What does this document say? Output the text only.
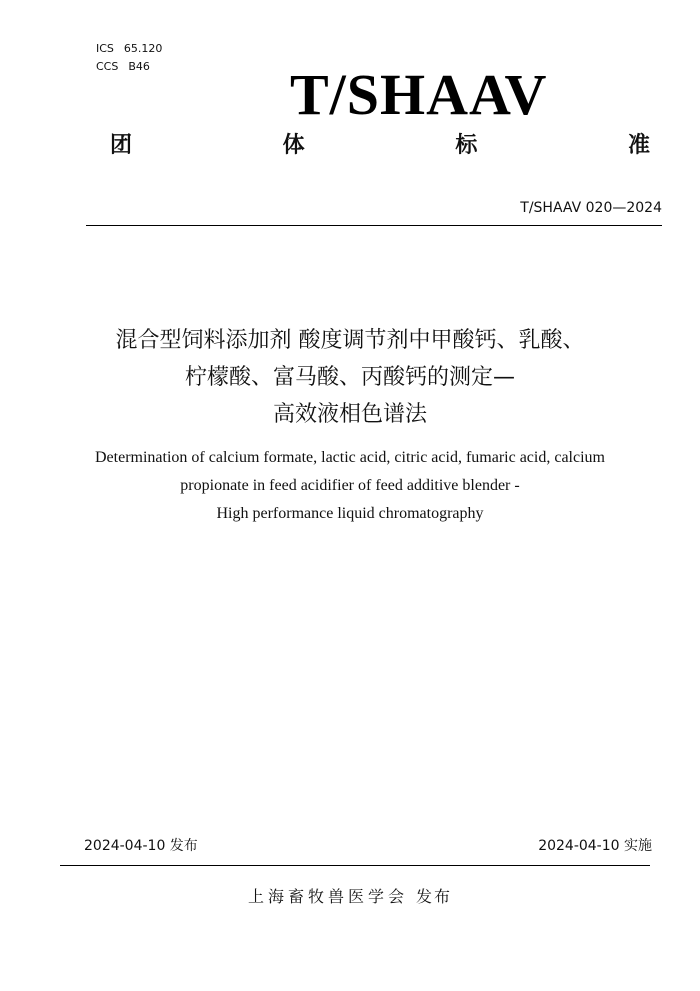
ICS 65.120
CCS B46 T/SHAAV
团	体	标	准
T/SHAAV 020—2024
混合型饲料添加剂 酸度调节剂中甲酸钙、乳酸、
柠檬酸、富马酸、丙酸钙的测定—
高效液相色谱法
Determination of calcium formate, lactic acid, citric acid, fumaric acid, calcium
propionate in feed acidifier of feed additive blender -
High performance liquid chromatography
2024-04-10 发布	2024-04-10 实施
上海畜牧兽医学会 发布
